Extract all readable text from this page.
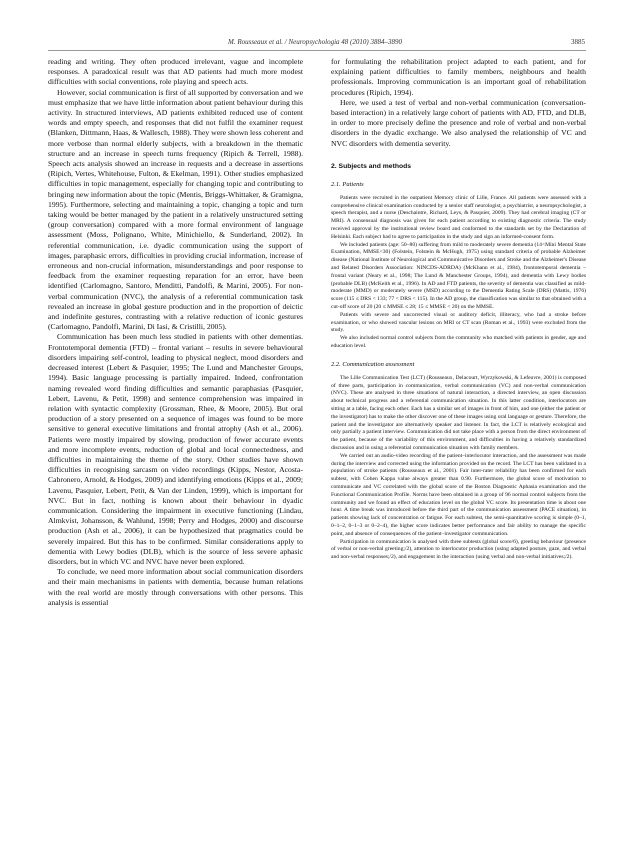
M. Rousseaux et al. / Neuropsychologia 48 (2010) 3884–3890	3885

reading and writing. They often produced irrelevant, vague and incomplete responses. A paradoxical result was that AD patients had much more modest difficulties with social conventions, role playing and speech acts.

However, social communication is first of all supported by conversation and we must emphasize that we have little information about patient behaviour during this activity. In structured interviews, AD patients exhibited reduced use of content words and empty speech, and responses that did not fulfil the examiner request (Blanken, Dittmann, Haas, & Wallesch, 1988). They were shown less coherent and more verbose than normal elderly subjects, with a breakdown in the thematic structure and an increase in speech turns frequency (Ripich & Terrell, 1988). Speech acts analysis showed an increase in requests and a decrease in assertions (Ripich, Vertes, Whitehouse, Fulton, & Ekelman, 1991). Other studies emphasized difficulties in topic management, especially for changing topic and contributing to bringing new information about the topic (Mentis, Briggs-Whittaker, & Gramigna, 1995). Furthermore, selecting and maintaining a topic, changing a topic and turn taking would be better managed by the patient in a relatively unstructured setting (group conversation) compared with a more formal environment of language assessment (Moss, Polignano, White, Minichiello, & Sunderland, 2002). In referential communication, i.e. dyadic communication using the support of images, paraphasic errors, difficulties in providing crucial information, increase of erroneous and non-crucial information, misunderstandings and poor response to feedback from the examiner requesting reparation for an error, have been identified (Carlomagno, Santoro, Menditti, Pandolfi, & Marini, 2005). For non-verbal communication (NVC), the analysis of a referential communication task revealed an increase in global gesture production and in the proportion of deictic and indefinite gestures, contrasting with a relative reduction of iconic gestures (Carlomagno, Pandolfi, Marini, Di Iasi, & Cristilli, 2005).

Communication has been much less studied in patients with other dementias. Frontotemporal dementia (FTD) – frontal variant – results in severe behavioural disorders impairing self-control, leading to physical neglect, mood disorders and decreased interest (Lebert & Pasquier, 1995; The Lund and Manchester Groups, 1994). Basic language processing is partially impaired. Indeed, confrontation naming revealed word finding difficulties and semantic paraphasias (Pasquier, Lebert, Lavenu, & Petit, 1998) and sentence comprehension was impaired in relation with syntactic complexity (Grossman, Rhee, & Moore, 2005). But oral production of a story presented on a sequence of images was found to be more sensitive to general executive limitations and frontal atrophy (Ash et al., 2006). Patients were mostly impaired by slowing, production of fewer accurate events and more incomplete events, reduction of global and local connectedness, and difficulties in maintaining the theme of the story. Other studies have shown difficulties in recognising sarcasm on video recordings (Kipps, Nestor, Acosta-Cabronero, Arnold, & Hodges, 2009) and identifying emotions (Kipps et al., 2009; Lavenu, Pasquier, Lebert, Petit, & Van der Linden, 1999), which is important for NVC. But in fact, nothing is known about their behaviour in dyadic communication. Considering the impairment in executive functioning (Lindau, Almkvist, Johansson, & Wahlund, 1998; Perry and Hodges, 2000) and discourse production (Ash et al., 2006), it can be hypothesized that pragmatics could be severely impaired. But this has to be confirmed. Similar considerations apply to dementia with Lewy bodies (DLB), which is the source of less severe aphasic disorders, but in which VC and NVC have never been explored.

To conclude, we need more information about social communication disorders and their main mechanisms in patients with dementia, because human relations with the real world are mostly through conversations with other persons. This analysis is essential

for formulating the rehabilitation project adapted to each patient, and for explaining patient difficulties to family members, neighbours and health professionals. Improving communication is an important goal of rehabilitation procedures (Ripich, 1994).

Here, we used a test of verbal and non-verbal communication (conversation-based interaction) in a relatively large cohort of patients with AD, FTD, and DLB, in order to more precisely define the presence and role of verbal and non-verbal disorders in the dyadic exchange. We also analysed the relationship of VC and NVC disorders with dementia severity.

2. Subjects and methods
2.1. Patients

Patients were recruited in the outpatient Memory clinic of Lille, France. All patients were assessed with a comprehensive clinical examination conducted by a senior staff neurologist, a psychiatrist, a neuropsychologist, a speech therapist, and a nurse (Deschaintre, Richard, Leys, & Pasquier, 2009). They had cerebral imaging (CT or MRI). A consensual diagnosis was given for each patient according to existing diagnostic criteria. The study received approval by the institutional review board and conformed to the standards set by the Declaration of Helsinki. Each subject had to agree to participation in the study and sign an informed-consent form.

We included patients (age: 50–80) suffering from mild to moderately severe dementia (14<Mini Mental State Examination, MMSE<30) (Folstein, Folstein & McHugh, 1975) using standard criteria of probable Alzheimer disease (National Institute of Neurological and Communicative Disorders and Stroke and the Alzheimer's Disease and Related Disorders Association: NINCDS-ADRDA) (McKhann et al., 1984), frontotemporal dementia – frontal variant (Neary et al., 1998; The Lund & Manchester Groups, 1994), and dementia with Lewy bodies (probable DLB) (McKeith et al., 1996). In AD and FTD patients, the severity of dementia was classified as mild-moderate (MMD) or moderately severe (MSD) according to the Dementia Rating Scale (DRS) (Mattis, 1976) score (115 ≤ DRS < 133; 77 < DRS < 115). In the AD group, the classification was similar to that obtained with a cut-off score of 20 (20 ≤ MMSE ≤ 28; 15 ≤ MMSE < 20) on the MMSE.

Patients with severe and uncorrected visual or auditory deficit, illiteracy, who had a stroke before examination, or who showed vascular lesions on MRI or CT scan (Roman et al., 1993) were excluded from the study.

We also included normal control subjects from the community who matched with patients in gender, age and education level.

2.2. Communication assessment

The Lille Communication Test (LCT) (Rousseaux, Delacourt, Wyrzykowski, & Lefeuvre, 2001) is composed of three parts, participation in communication, verbal communication (VC) and non-verbal communication (NVC). These are analysed in three situations of natural interaction, a directed interview, an open discussion about technical progress and a referential communication situation. In this latter condition, interlocutors are sitting at a table, facing each other. Each has a similar set of images in front of him, and one (either the patient or the investigator) has to make the other discover one of these images using oral language or gesture. Therefore, the patient and the investigator are alternatively speaker and listener. In fact, the LCT is relatively ecological and only partially a patient interview. Communication did not take place with a person from the direct environment of the patient, because of the variability of this environment, and difficulties in having a relatively standardized discussion and in using a referential communication situation with family members.

We carried out an audio-video recording of the patient–interlocutor interaction, and the assessment was made during the interview and corrected using the information provided on the record. The LCT has been validated in a population of stroke patients (Rousseaux et al., 2001). Fair inter-rater reliability has been confirmed for each subtest, with Cohen Kappa value always greater than 0.90. Furthermore, the global score of motivation to communicate and VC correlated with the global score of the Boston Diagnostic Aphasia examination and the Functional Communication Profile. Norms have been obtained in a group of 96 normal control subjects from the community and we found an effect of education level on the global VC score. Its presentation time is about one hour. A time break was introduced before the third part of the communication assessment (PACE situation), in patients showing lack of concentration or fatigue. For each subtest, the semi-quantitative scoring is simple (0–1, 0–1–2, 0–1–3 or 0–2–4), the higher score indicates better performance and fair ability to manage the specific point, and absence of consequences of the patient–investigator communication.

Participation in communication is analysed with three subtests (global score/6), greeting behaviour (presence of verbal or non-verbal greeting;/2), attention to interlocutor production (using adapted posture, gaze, and verbal and non-verbal responses;/2), and engagement in the interaction (using verbal and non-verbal initiatives;/2).
